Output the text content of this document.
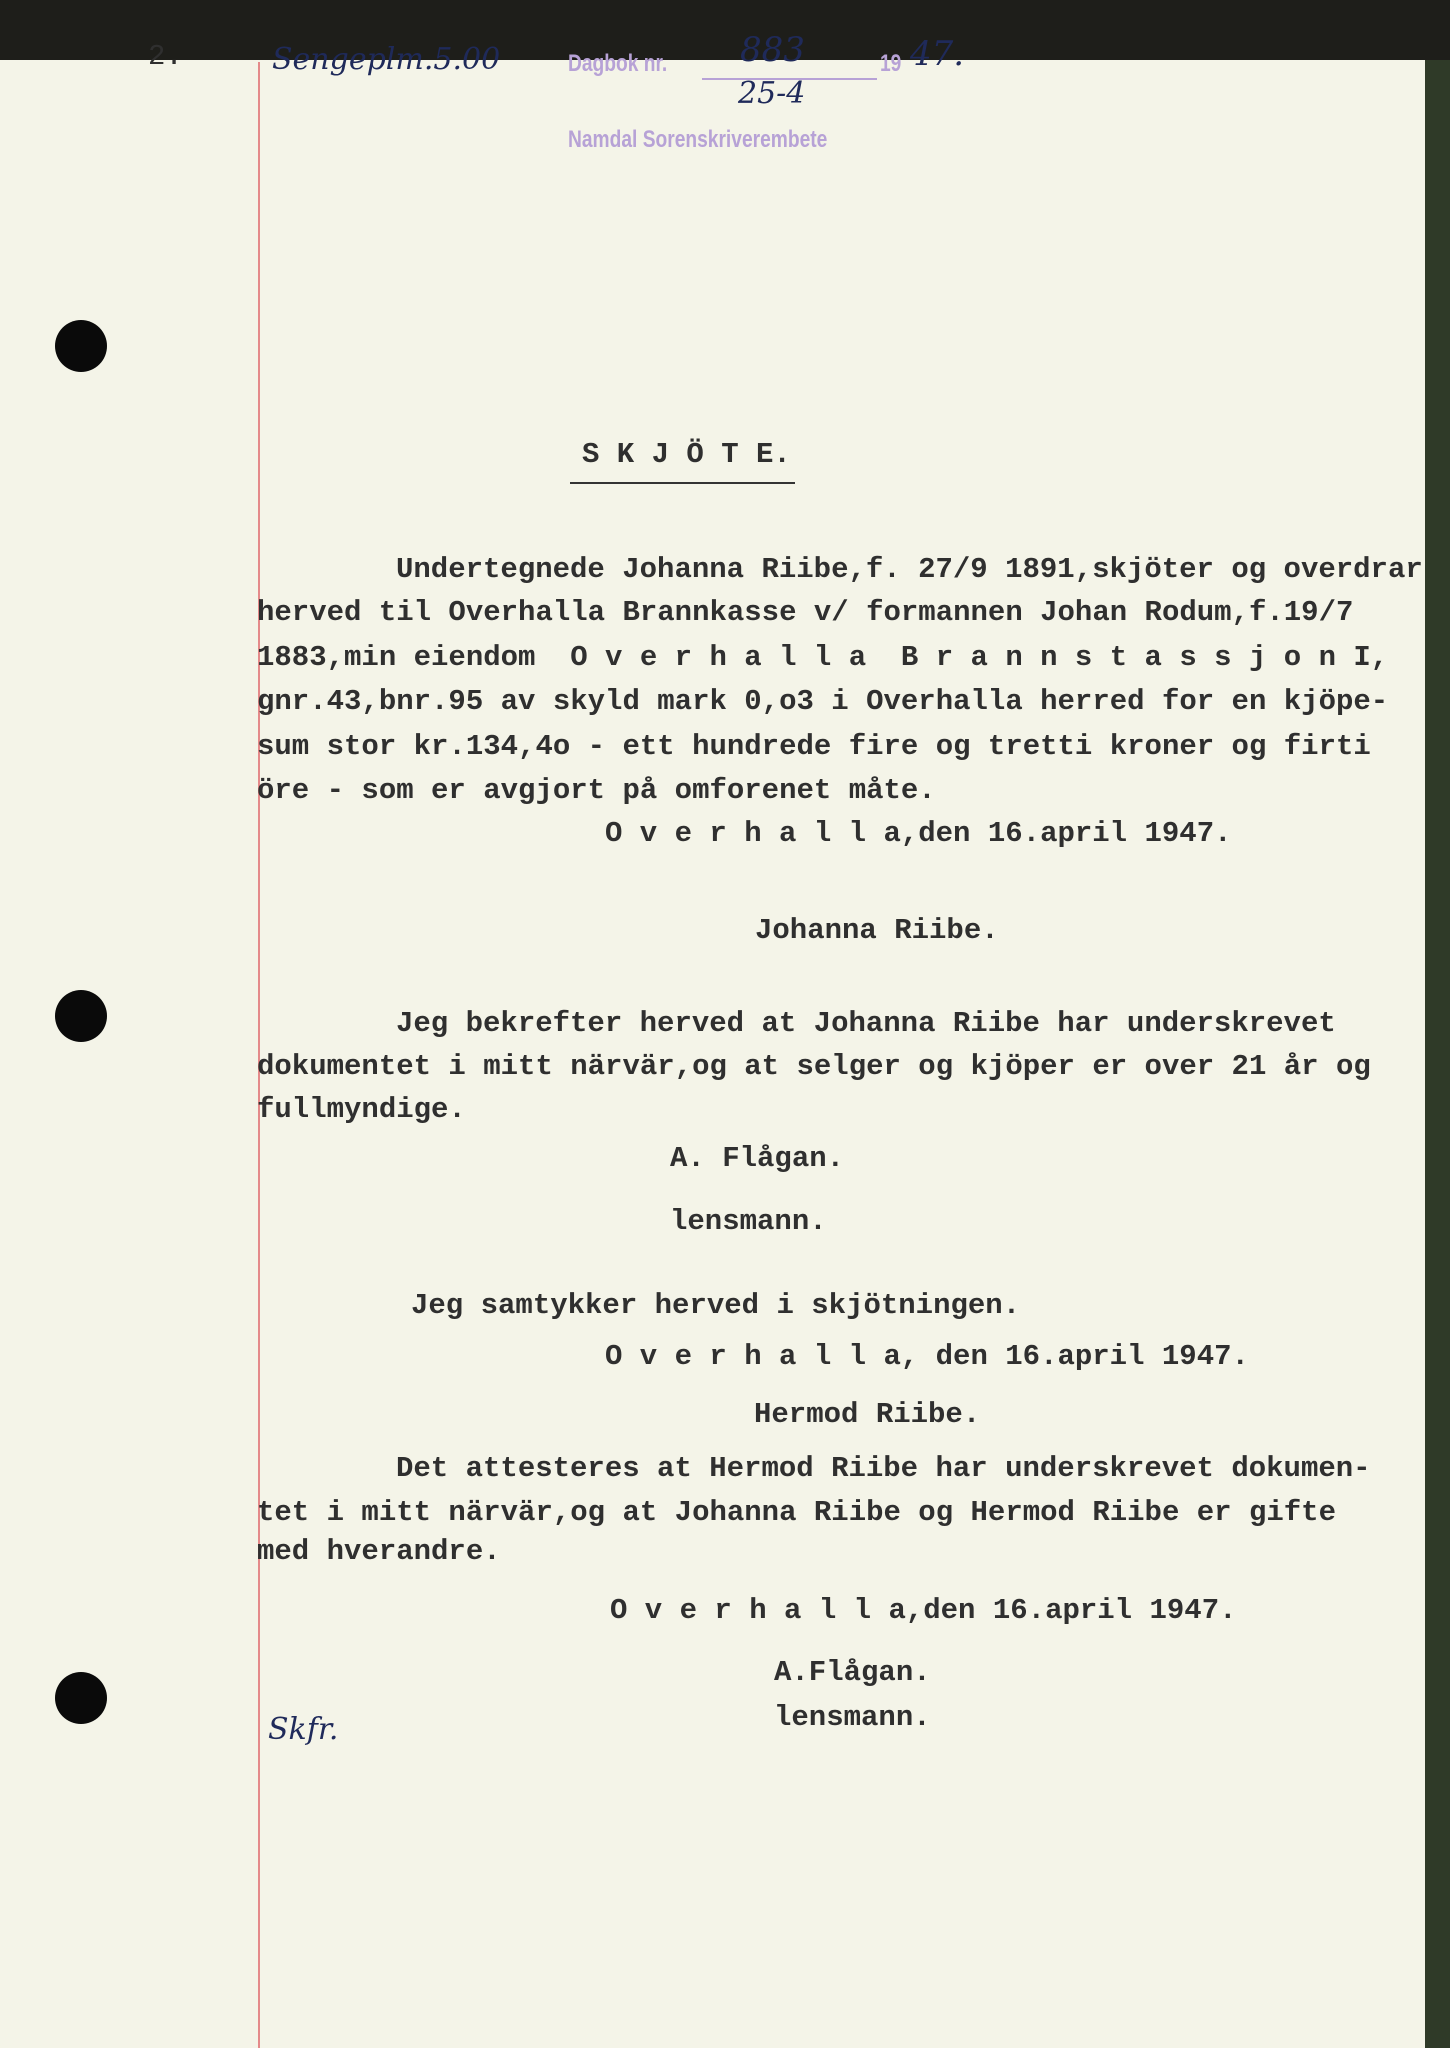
2.	Sengeplm.5.00	Dagbok nr. 883	19 47.
25-4
Namdal Sorenskriverembete
S K J Ö T E.
Undertegnede Johanna Riibe,f. 27/9 1891,skjöter og overdrar
herved til Overhalla Brannkasse v/ formannen Johan Rodum,f.19/7
1883,min eiendom  O v e r h a l l a  B r a n n s t a s s j o n I,
gnr.43,bnr.95 av skyld mark 0,o3 i Overhalla herred for en kjöpe-
sum stor kr.134,4o - ett hundrede fire og tretti kroner og firti
öre - som er avgjort på omforenet måte.
O v e r h a l l a,den 16.april 1947.
Johanna Riibe.
Jeg bekrefter herved at Johanna Riibe har underskrevet
dokumentet i mitt närvär,og at selger og kjöper er over 21 år og
fullmyndige.
A. Flågan.
lensmann.
Jeg samtykker herved i skjötningen.
O v e r h a l l a, den 16.april 1947.
Hermod Riibe.
Det attesteres at Hermod Riibe har underskrevet dokumen-
tet i mitt närvär,og at Johanna Riibe og Hermod Riibe er gifte
med hverandre.
O v e r h a l l a,den 16.april 1947.
A.Flågan.
lensmann.
Skfr.
